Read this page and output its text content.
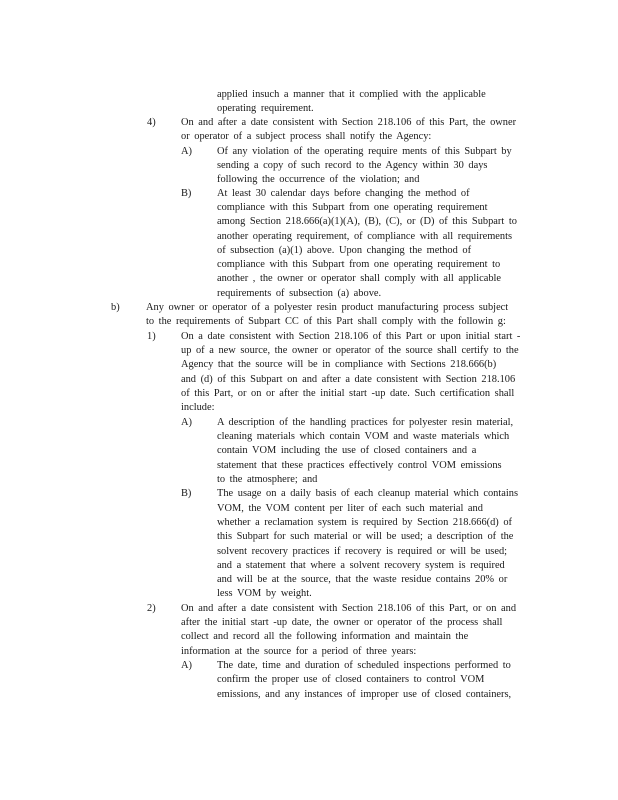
applied insuch a manner that it complied with the applicable
operating requirement.
4) On and after a date consistent with Section 218.106 of this Part, the owner
or operator of a subject process shall notify the Agency:
A) Of any violation of the operating require ments of this Subpart by
sending a copy of such record to the Agency within 30 days
following the occurrence of the violation; and
B) At least 30 calendar days before changing the method of
compliance with this Subpart from one operating requirement
among Section 218.666(a)(1)(A), (B), (C), or (D) of this Subpart to
another operating requirement, of compliance with all requirements
of subsection (a)(1) above. Upon changing the method of
compliance with this Subpart from one operating requirement to
another , the owner or operator shall comply with all applicable
requirements of subsection (a) above.
b)	Any owner or operator of a polyester resin product manufacturing process subject
to the requirements of Subpart CC of this Part shall comply with the followin g:
1) On a date consistent with Section 218.106 of this Part or upon initial start -
up of a new source, the owner or operator of the source shall certify to the
Agency that the source will be in compliance with Sections 218.666(b)
and (d) of this Subpart on and after a date consistent with Section 218.106
of this Part, or on or after the initial start -up date. Such certification shall
include:
A) A description of the handling practices for polyester resin material,
cleaning materials which contain VOM and waste materials which
contain VOM including the use of closed containers and a
statement that these practices effectively control VOM emissions
to the atmosphere; and
B) The usage on a daily basis of each cleanup material which contains
VOM, the VOM content per liter of each such material and
whether a reclamation system is required by Section 218.666(d) of
this Subpart for such material or will be used; a description of the
solvent recovery practices if recovery is required or will be used;
and a statement that where a solvent recovery system is required
and will be at the source, that the waste residue contains 20% or
less VOM by weight.
2) On and after a date consistent with Section 218.106 of this Part, or on and
after the initial start -up date, the owner or operator of the process shall
collect and record all the following information and maintain the
information at the source for a period of three years:
A) The date, time and duration of scheduled inspections performed to
confirm the proper use of closed containers to control VOM
emissions, and any instances of improper use of closed containers,
